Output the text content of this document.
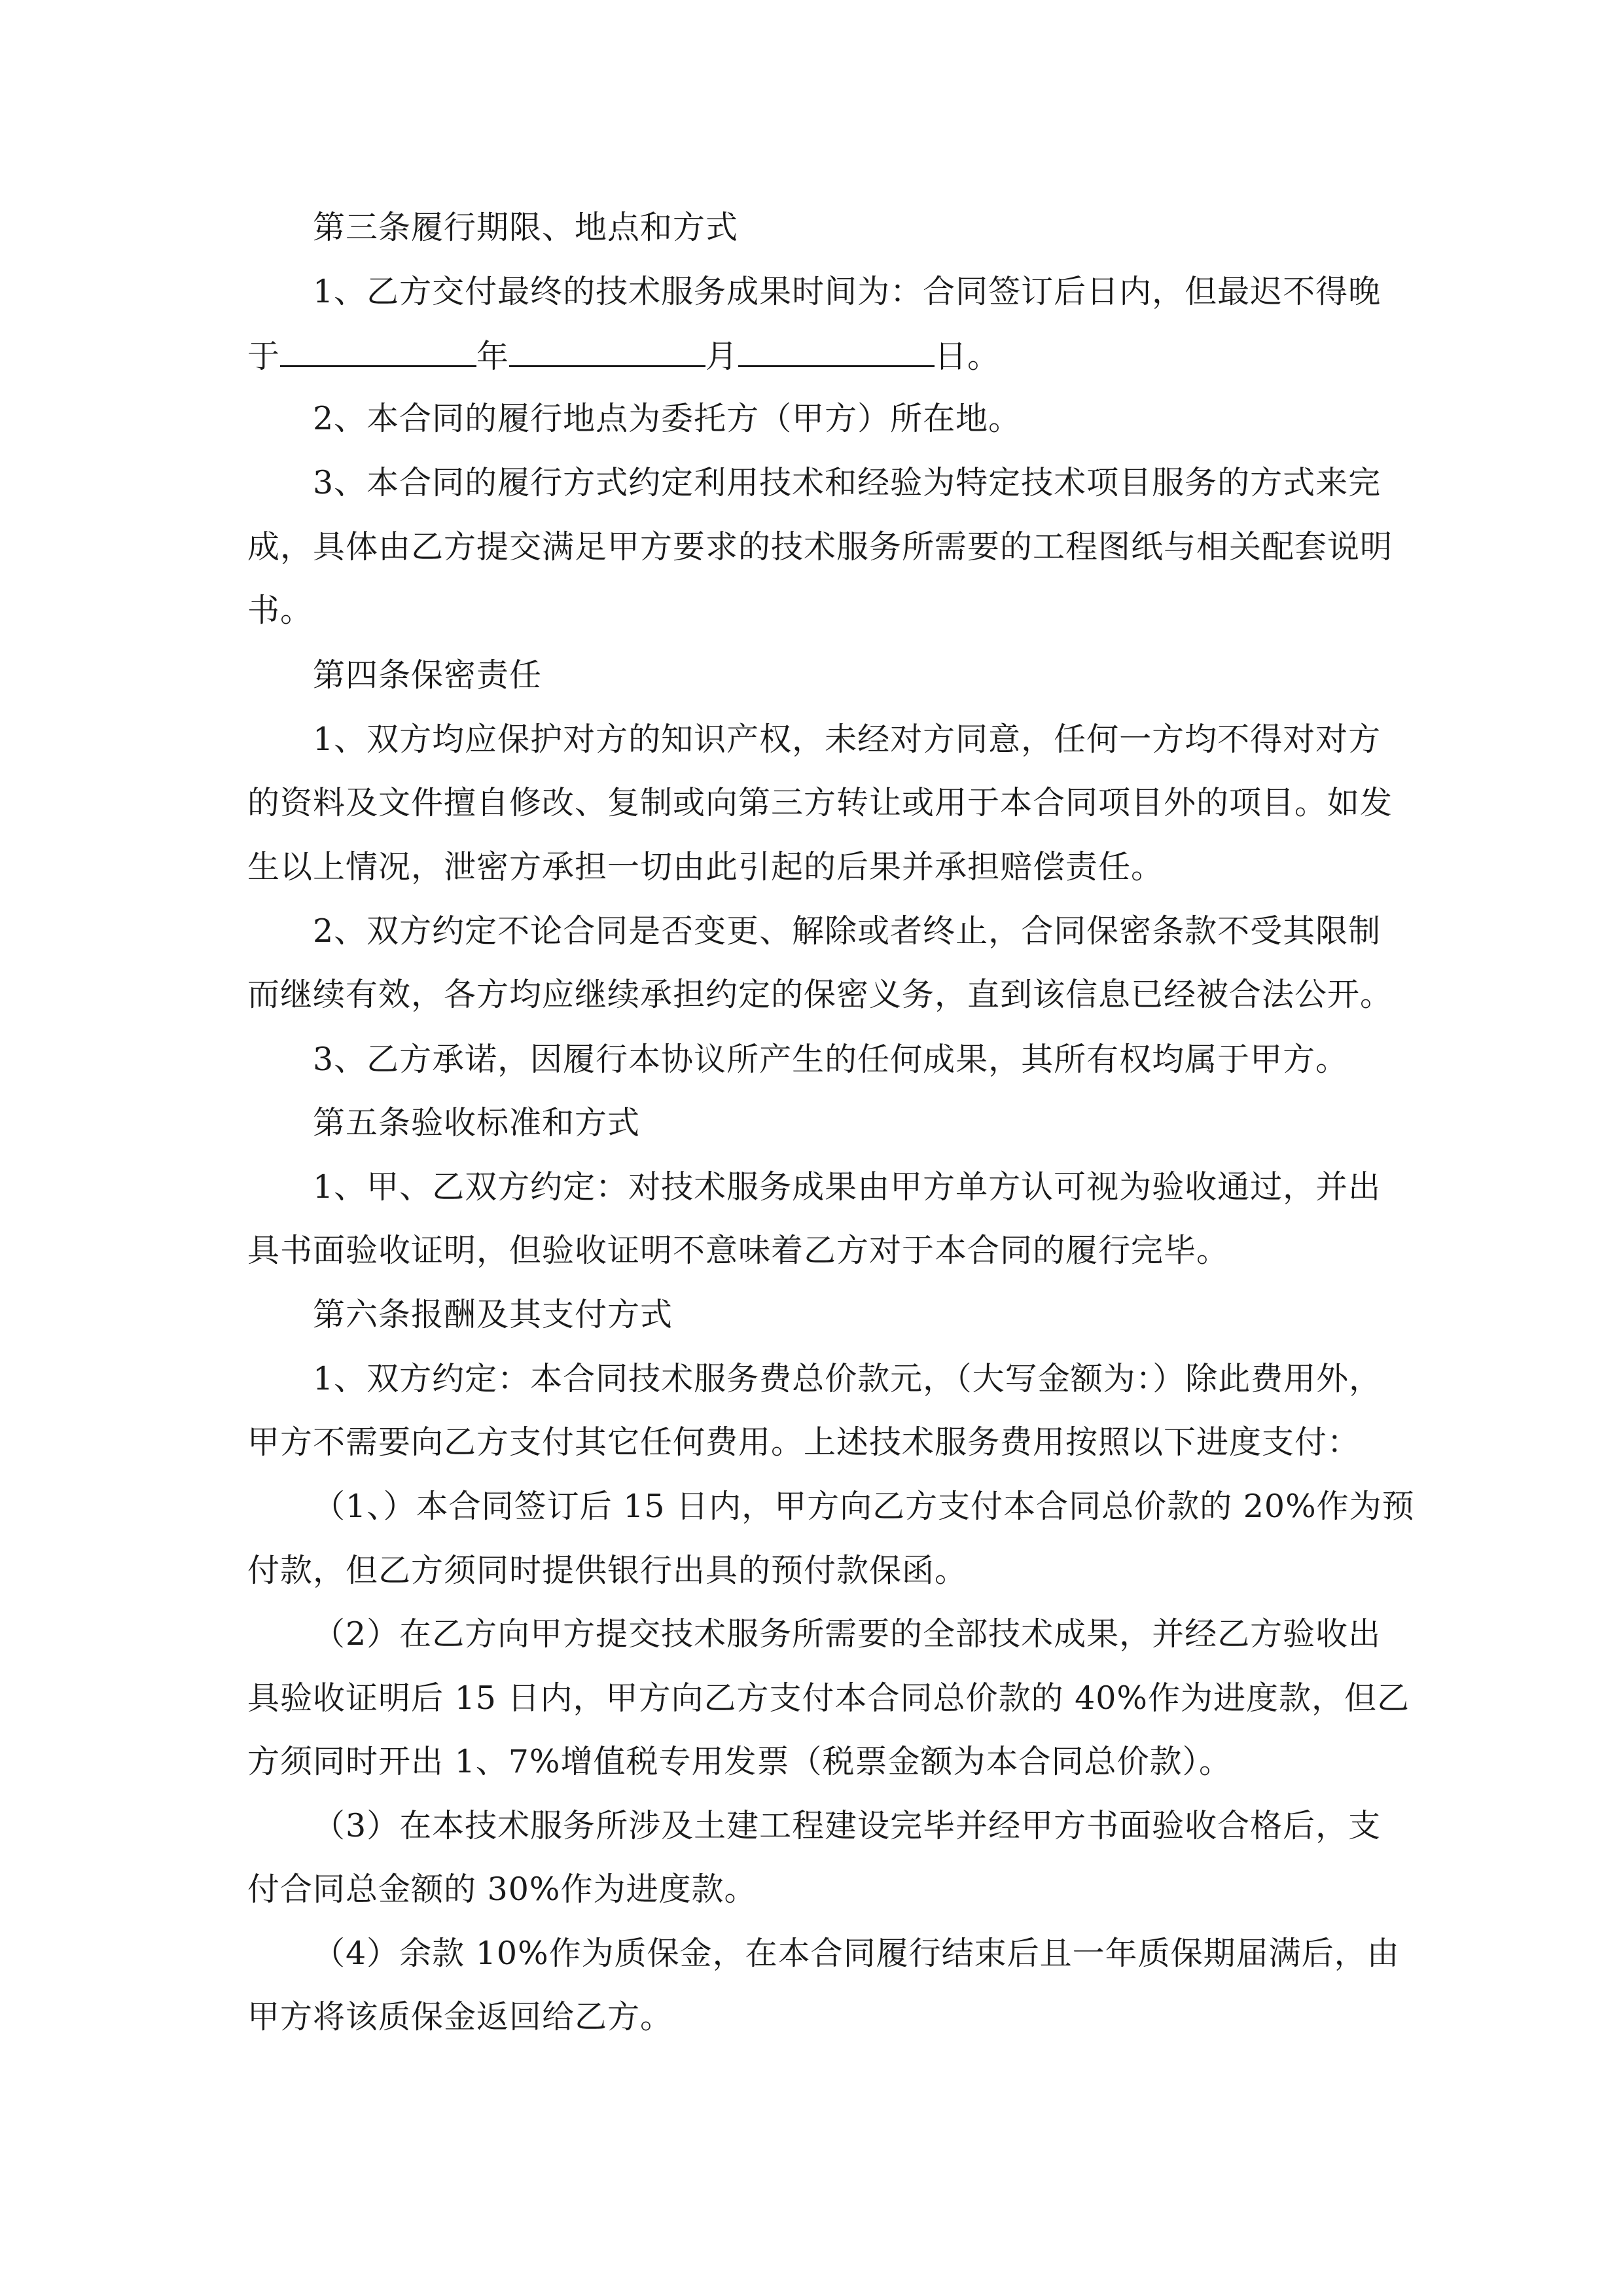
第三条履行期限、地点和方式
1、乙方交付最终的技术服务成果时间为：合同签订后日内，但最迟不得晚
于	年	月	日。
2、本合同的履行地点为委托方（甲方）所在地。
3、本合同的履行方式约定利用技术和经验为特定技术项目服务的方式来完
成，具体由乙方提交满足甲方要求的技术服务所需要的工程图纸与相关配套说明
书。
第四条保密责任
1、双方均应保护对方的知识产权，未经对方同意，任何一方均不得对对方
的资料及文件擅自修改、复制或向第三方转让或用于本合同项目外的项目。如发
生以上情况，泄密方承担一切由此引起的后果并承担赔偿责任。
2、双方约定不论合同是否变更、解除或者终止，合同保密条款不受其限制
而继续有效，各方均应继续承担约定的保密义务，直到该信息已经被合法公开。
3、乙方承诺，因履行本协议所产生的任何成果，其所有权均属于甲方。
第五条验收标准和方式
1、甲、乙双方约定：对技术服务成果由甲方单方认可视为验收通过，并出
具书面验收证明，但验收证明不意味着乙方对于本合同的履行完毕。
第六条报酬及其支付方式
1、双方约定：本合同技术服务费总价款元，（大写金额为：）除此费用外，
甲方不需要向乙方支付其它任何费用。上述技术服务费用按照以下进度支付：
（1、）本合同签订后 15 日内，甲方向乙方支付本合同总价款的 20%作为预
付款，但乙方须同时提供银行出具的预付款保函。
（2）在乙方向甲方提交技术服务所需要的全部技术成果，并经乙方验收出
具验收证明后 15 日内，甲方向乙方支付本合同总价款的 40%作为进度款，但乙
方须同时开出 1、7%增值税专用发票（税票金额为本合同总价款）。
（3）在本技术服务所涉及土建工程建设完毕并经甲方书面验收合格后，支
付合同总金额的 30%作为进度款。
（4）余款 10%作为质保金，在本合同履行结束后且一年质保期届满后，由
甲方将该质保金返回给乙方。
